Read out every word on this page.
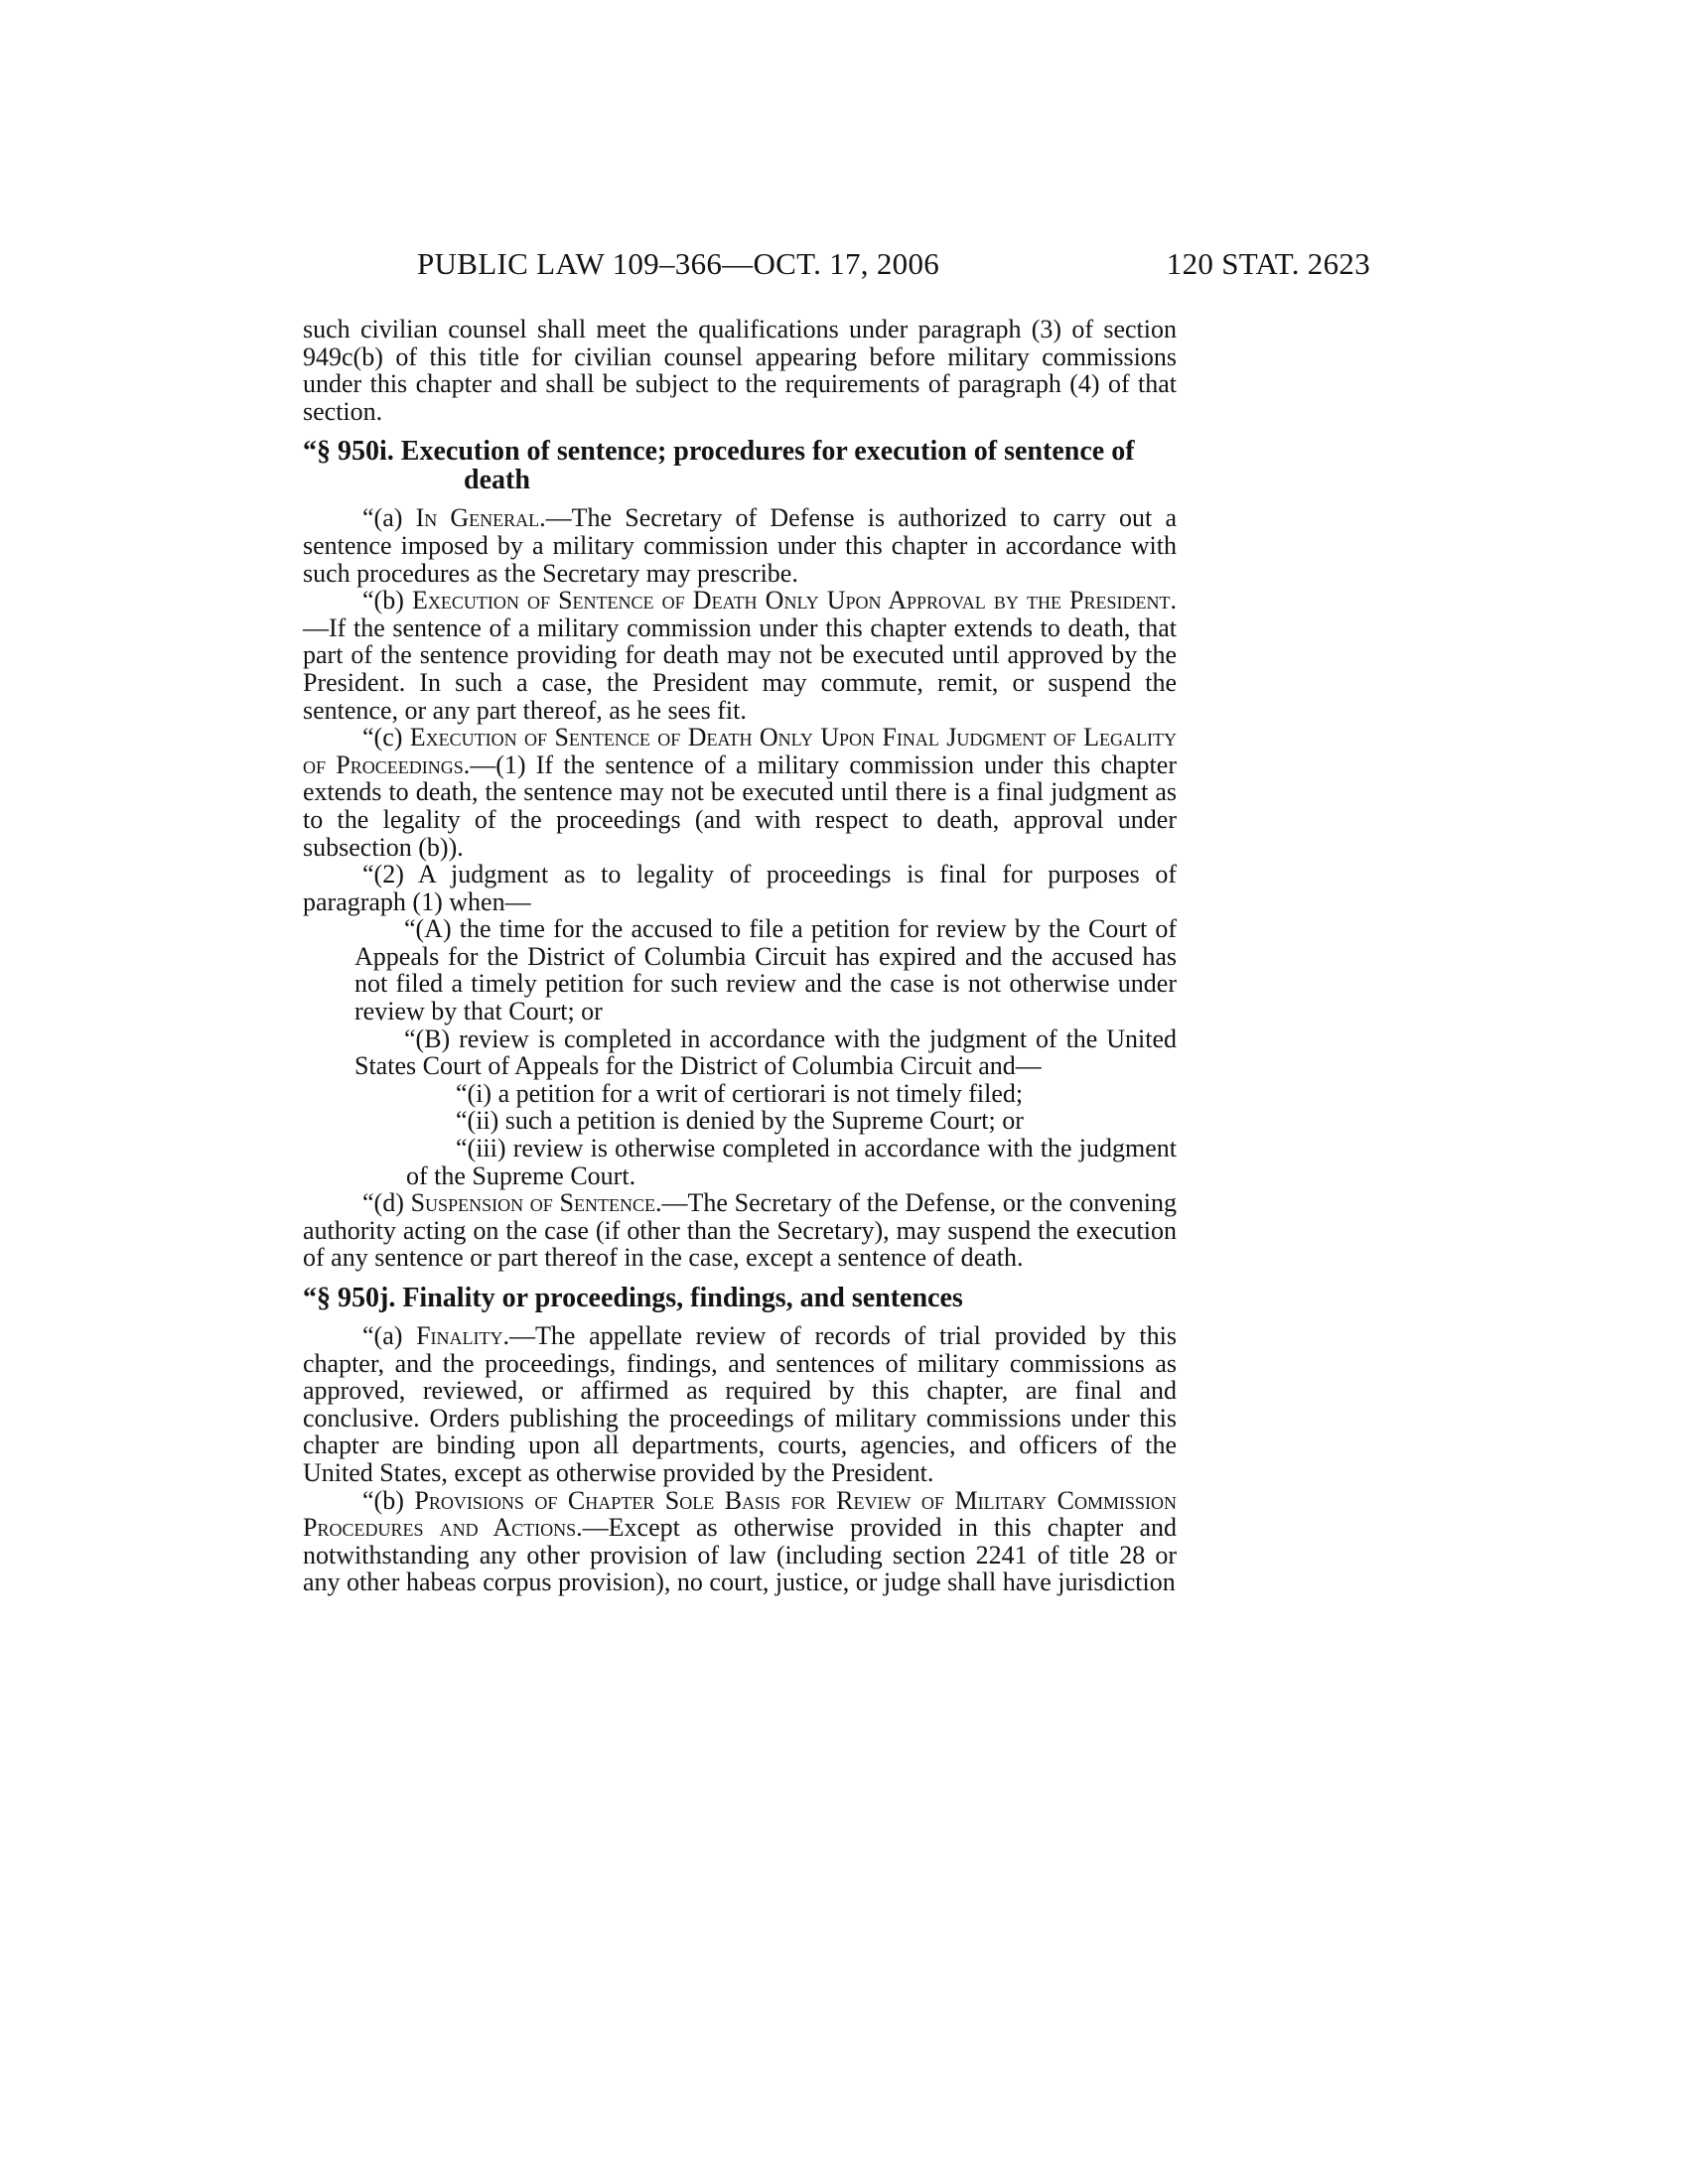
PUBLIC LAW 109–366—OCT. 17, 2006	120 STAT. 2623

such civilian counsel shall meet the qualifications under paragraph (3) of section 949c(b) of this title for civilian counsel appearing before military commissions under this chapter and shall be subject to the requirements of paragraph (4) of that section.

“§ 950i. Execution of sentence; procedures for execution of sentence of death

“(a) In General.—The Secretary of Defense is authorized to carry out a sentence imposed by a military commission under this chapter in accordance with such procedures as the Secretary may prescribe.

“(b) Execution of Sentence of Death Only Upon Approval by the President.—If the sentence of a military commission under this chapter extends to death, that part of the sentence providing for death may not be executed until approved by the President. In such a case, the President may commute, remit, or suspend the sentence, or any part thereof, as he sees fit.

“(c) Execution of Sentence of Death Only Upon Final Judgment of Legality of Proceedings.—(1) If the sentence of a military commission under this chapter extends to death, the sentence may not be executed until there is a final judgment as to the legality of the proceedings (and with respect to death, approval under subsection (b)).

“(2) A judgment as to legality of proceedings is final for purposes of paragraph (1) when—

“(A) the time for the accused to file a petition for review by the Court of Appeals for the District of Columbia Circuit has expired and the accused has not filed a timely petition for such review and the case is not otherwise under review by that Court; or

“(B) review is completed in accordance with the judgment of the United States Court of Appeals for the District of Columbia Circuit and—

“(i) a petition for a writ of certiorari is not timely filed;

“(ii) such a petition is denied by the Supreme Court; or

“(iii) review is otherwise completed in accordance with the judgment of the Supreme Court.

“(d) Suspension of Sentence.—The Secretary of the Defense, or the convening authority acting on the case (if other than the Secretary), may suspend the execution of any sentence or part thereof in the case, except a sentence of death.

“§ 950j. Finality or proceedings, findings, and sentences

“(a) Finality.—The appellate review of records of trial provided by this chapter, and the proceedings, findings, and sentences of military commissions as approved, reviewed, or affirmed as required by this chapter, are final and conclusive. Orders publishing the proceedings of military commissions under this chapter are binding upon all departments, courts, agencies, and officers of the United States, except as otherwise provided by the President.

“(b) Provisions of Chapter Sole Basis for Review of Military Commission Procedures and Actions.—Except as otherwise provided in this chapter and notwithstanding any other provision of law (including section 2241 of title 28 or any other habeas corpus provision), no court, justice, or judge shall have jurisdiction
